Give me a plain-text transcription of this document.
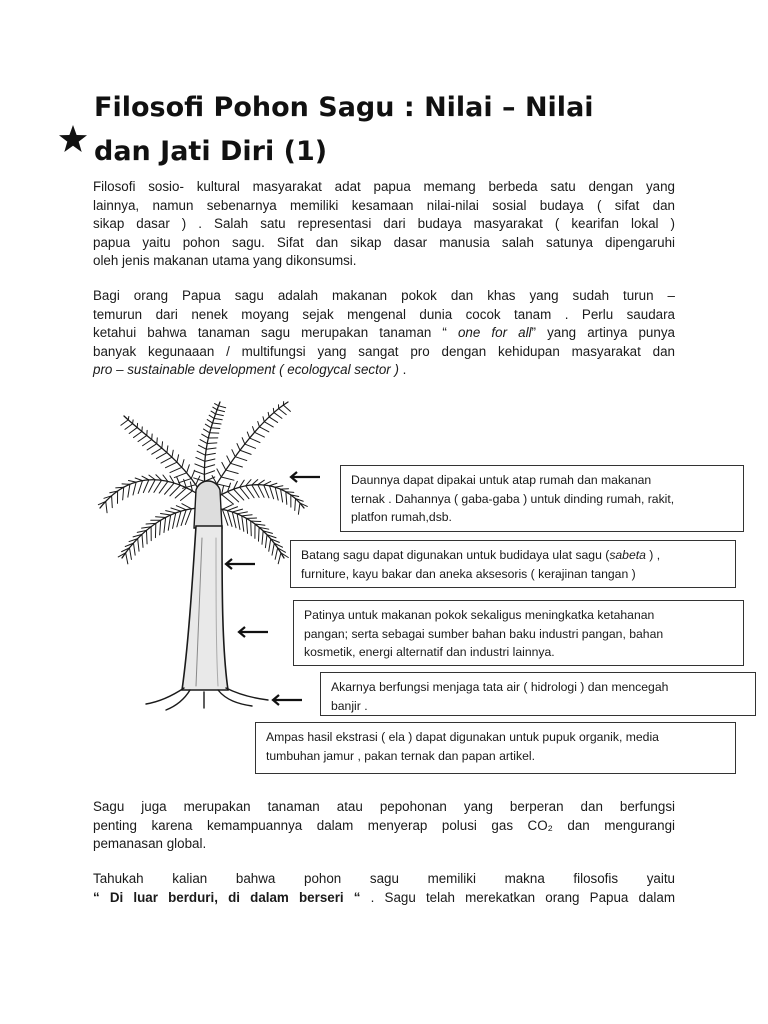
Filosofi Pohon Sagu : Nilai – Nilai
dan Jati Diri (1)
Filosofi sosio- kultural masyarakat adat papua memang berbeda satu dengan yang
lainnya, namun sebenarnya memiliki kesamaan nilai-nilai sosial budaya ( sifat dan
sikap dasar ) . Salah satu representasi dari budaya masyarakat ( kearifan lokal )
papua yaitu pohon sagu. Sifat dan sikap dasar manusia salah satunya dipengaruhi
oleh jenis makanan utama yang dikonsumsi.
Bagi orang Papua sagu adalah makanan pokok dan khas yang sudah turun –
temurun dari nenek moyang sejak mengenal dunia cocok tanam . Perlu saudara
ketahui bahwa tanaman sagu merupakan tanaman “ one for all” yang artinya punya
banyak kegunaaan / multifungsi yang sangat pro dengan kehidupan masyarakat dan
pro – sustainable development ( ecologycal sector ) .
Daunnya dapat dipakai untuk atap rumah dan makanan
ternak . Dahannya ( gaba-gaba ) untuk dinding rumah, rakit,
platfon rumah,dsb.
Batang sagu dapat digunakan untuk budidaya ulat sagu (sabeta ) ,
furniture, kayu bakar dan aneka aksesoris ( kerajinan tangan )
Patinya untuk makanan pokok sekaligus meningkatka ketahanan
pangan; serta sebagai sumber bahan baku industri pangan, bahan
kosmetik, energi alternatif dan industri lainnya.
Akarnya berfungsi menjaga tata air ( hidrologi ) dan mencegah
banjir .
Ampas hasil ekstrasi ( ela ) dapat digunakan untuk pupuk organik, media
tumbuhan jamur , pakan ternak dan papan artikel.
Sagu juga merupakan tanaman atau pepohonan yang berperan dan berfungsi
penting karena kemampuannya dalam menyerap polusi gas CO₂ dan mengurangi
pemanasan global.
Tahukah kalian bahwa pohon sagu memiliki makna filosofis yaitu
“ Di luar berduri, di dalam berseri “ . Sagu telah merekatkan orang Papua dalam
